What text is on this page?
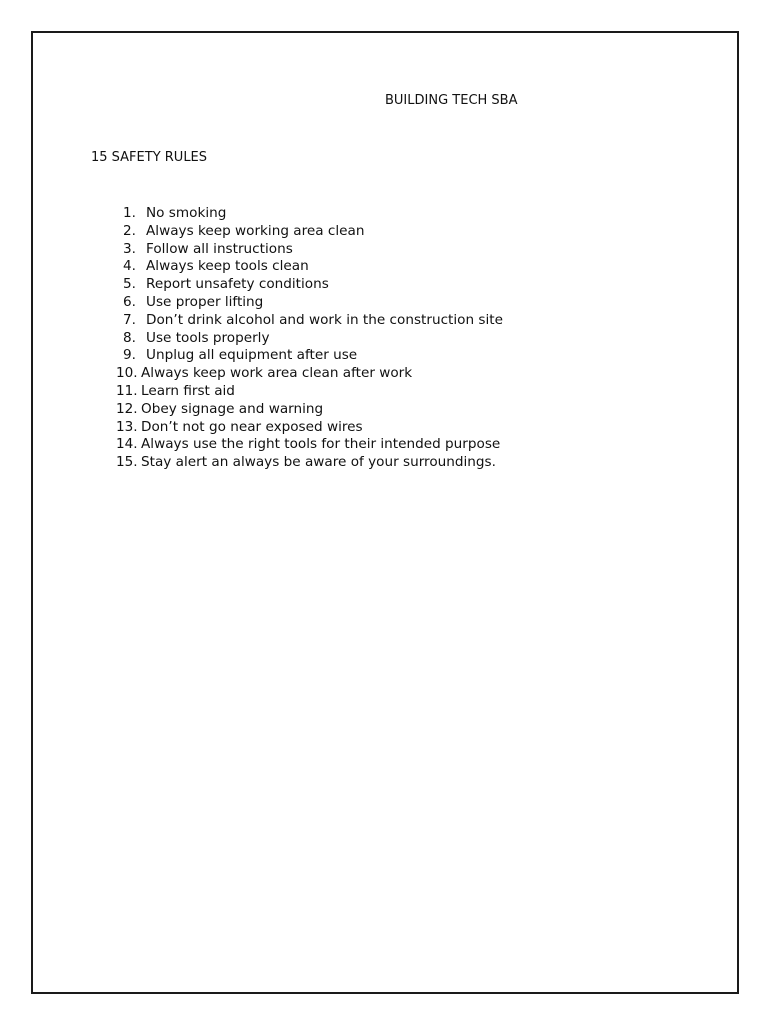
BUILDING TECH SBA
15 SAFETY RULES
1. No smoking
2. Always keep working area clean
3. Follow all instructions
4. Always keep tools clean
5. Report unsafety conditions
6. Use proper lifting
7. Don’t drink alcohol and work in the construction site
8. Use tools properly
9. Unplug all equipment after use
10. Always keep work area clean after work
11. Learn first aid
12. Obey signage and warning
13. Don’t not go near exposed wires
14. Always use the right tools for their intended purpose
15. Stay alert an always be aware of your surroundings.
